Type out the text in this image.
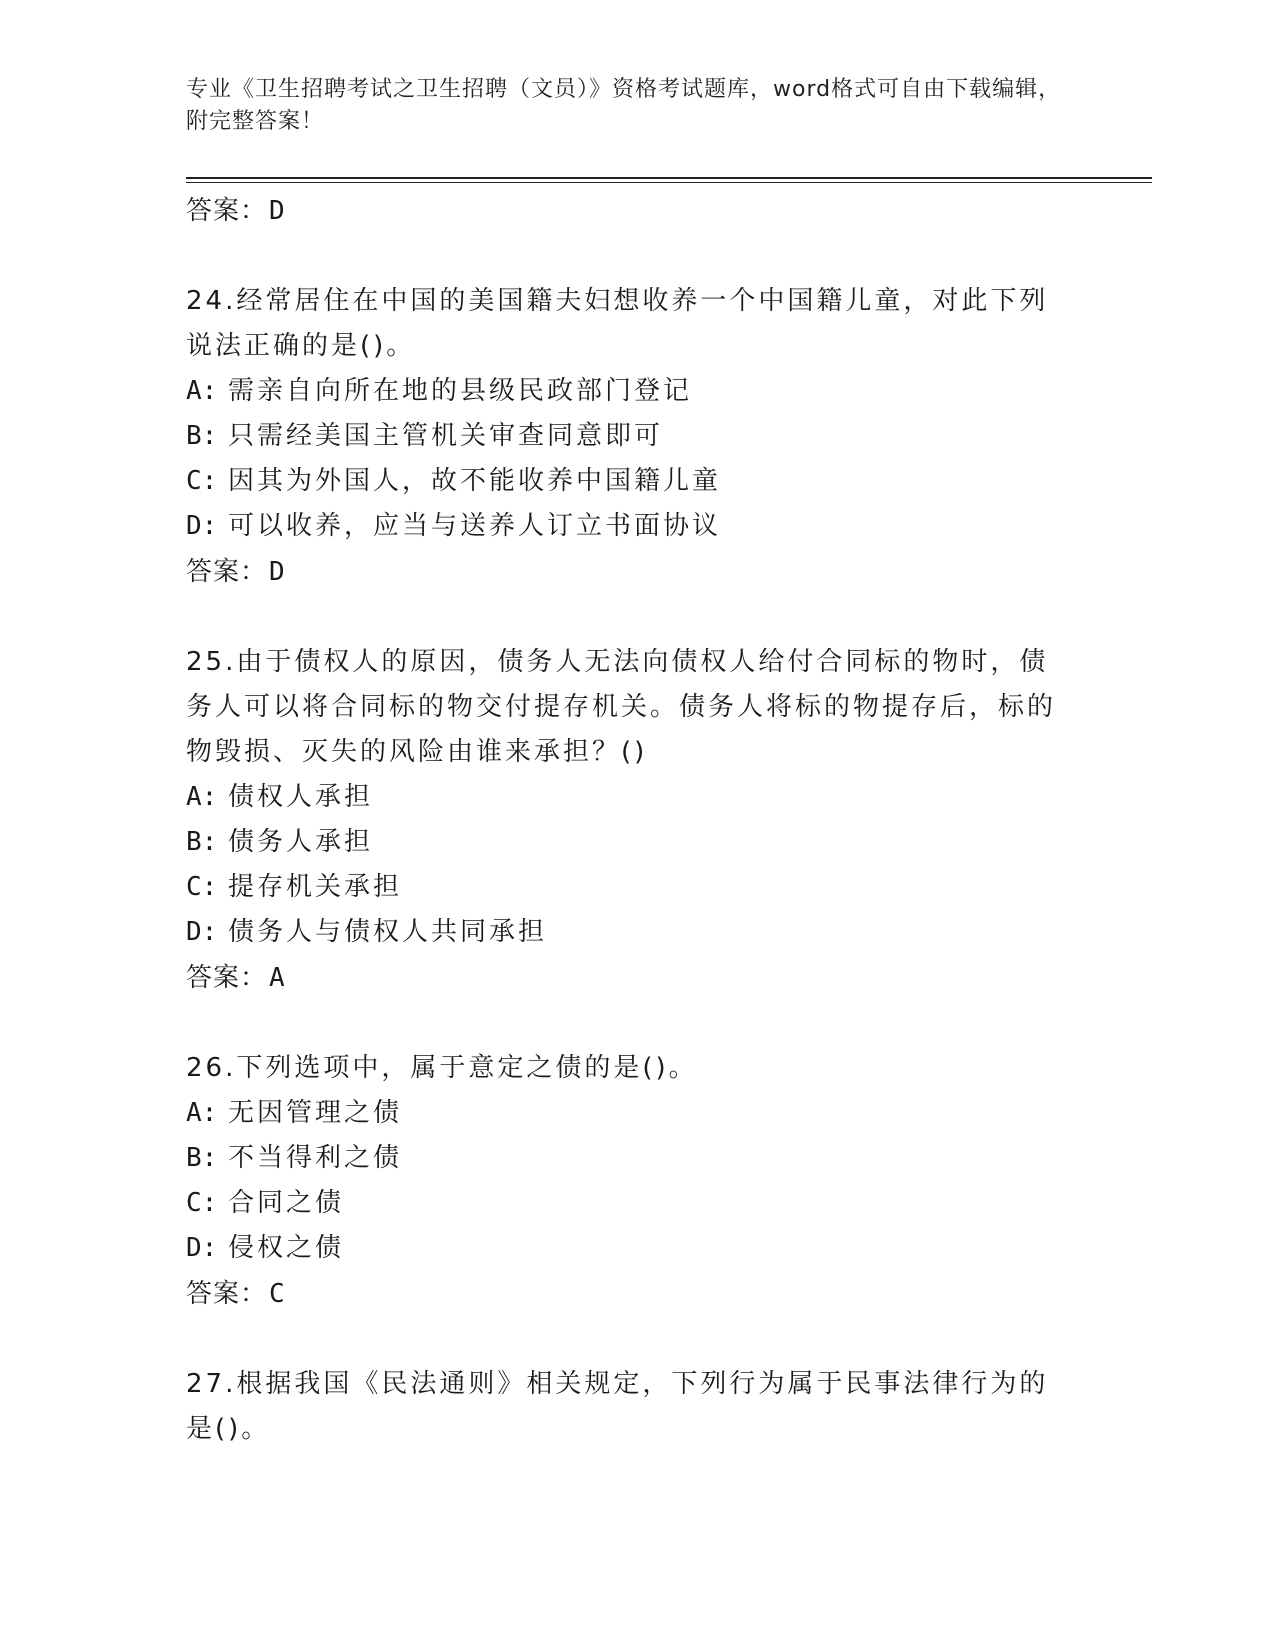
专业《卫生招聘考试之卫生招聘（文员）》资格考试题库，word格式可自由下载编辑，附完整答案！
答案：D
24.经常居住在中国的美国籍夫妇想收养一个中国籍儿童，对此下列说法正确的是()。
A: 需亲自向所在地的县级民政部门登记
B: 只需经美国主管机关审查同意即可
C: 因其为外国人，故不能收养中国籍儿童
D: 可以收养，应当与送养人订立书面协议
答案：D
25.由于债权人的原因，债务人无法向债权人给付合同标的物时，债务人可以将合同标的物交付提存机关。债务人将标的物提存后，标的物毁损、灭失的风险由谁来承担？()
A: 债权人承担
B: 债务人承担
C: 提存机关承担
D: 债务人与债权人共同承担
答案：A
26.下列选项中，属于意定之债的是()。
A: 无因管理之债
B: 不当得利之债
C: 合同之债
D: 侵权之债
答案：C
27.根据我国《民法通则》相关规定，下列行为属于民事法律行为的是()。
